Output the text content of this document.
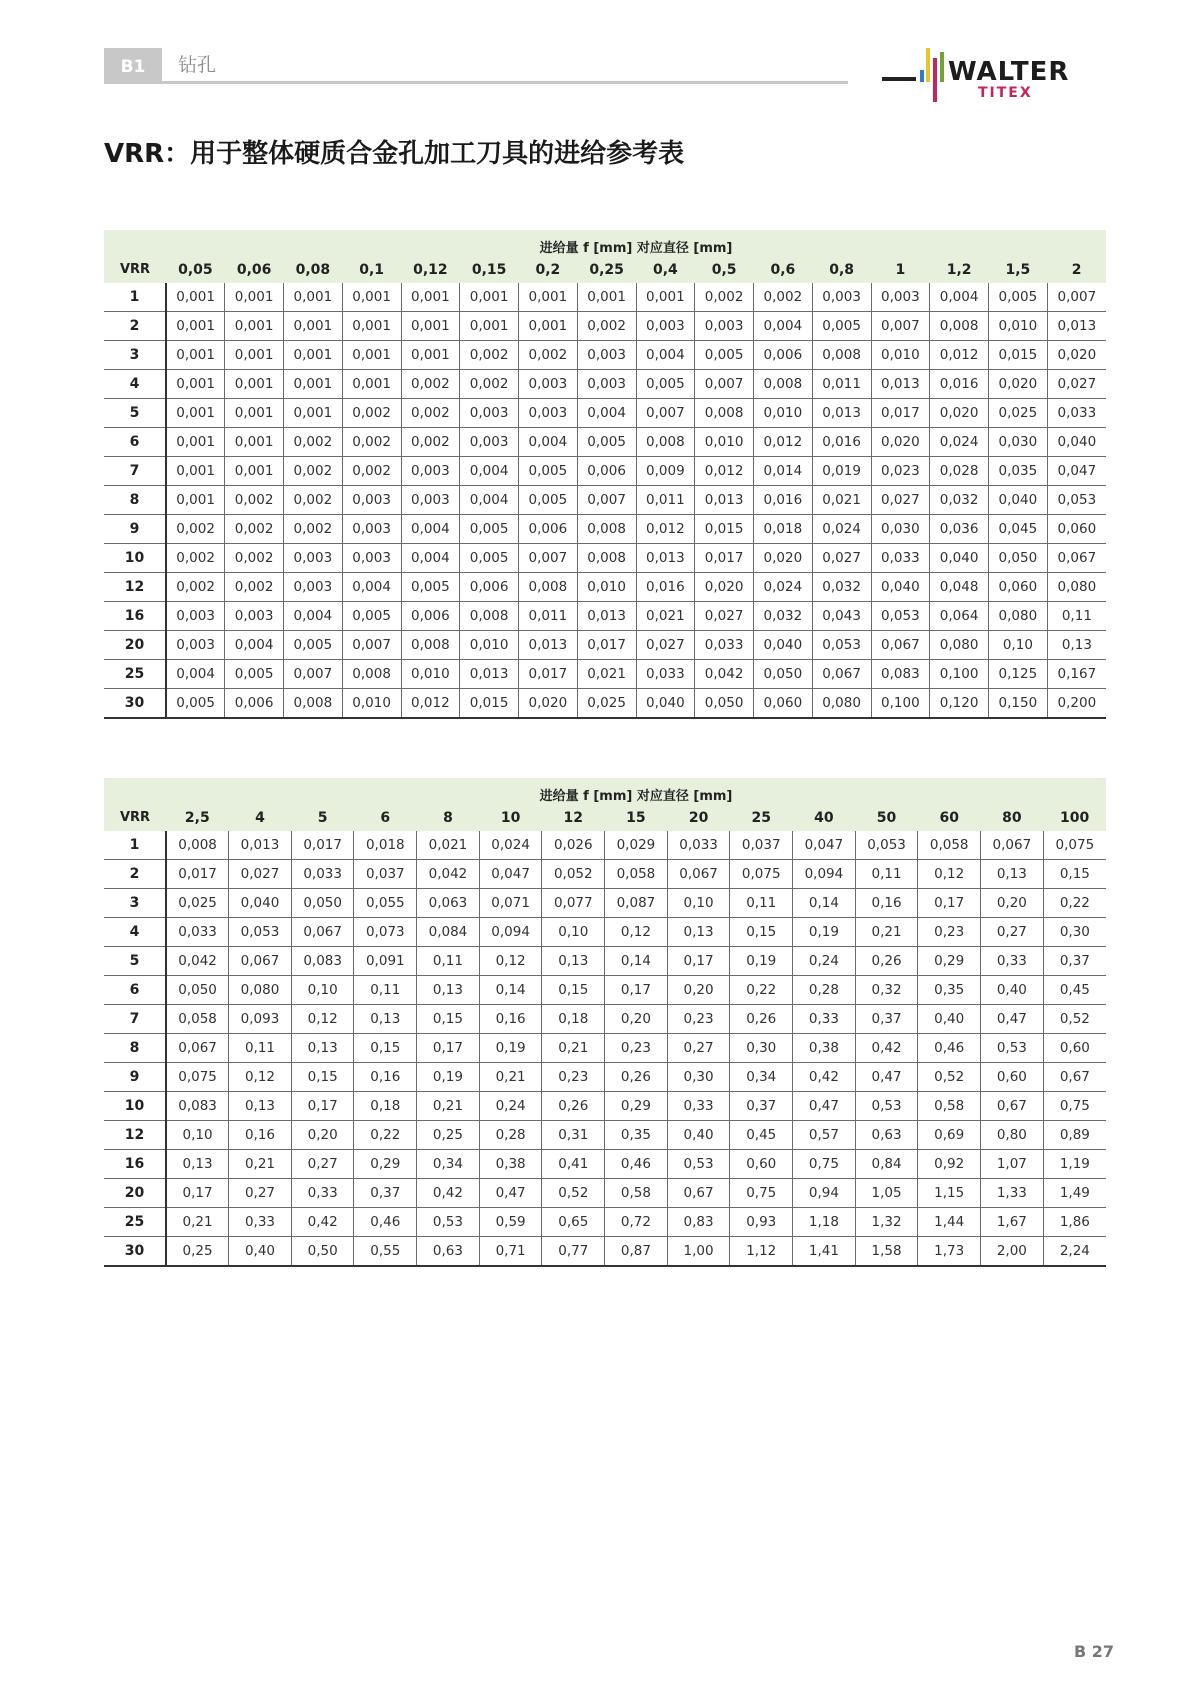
B1	钻孔	WALTER
TITEX
VRR：用于整体硬质合金孔加工刀具的进给参考表
	进给量 f [mm] 对应直径 [mm]															
VRR	0,05	0,06	0,08	0,1	0,12	0,15	0,2	0,25	0,4	0,5	0,6	0,8	1	1,2	1,5	2
1	0,001	0,001	0,001	0,001	0,001	0,001	0,001	0,001	0,001	0,002	0,002	0,003	0,003	0,004	0,005	0,007
2	0,001	0,001	0,001	0,001	0,001	0,001	0,001	0,002	0,003	0,003	0,004	0,005	0,007	0,008	0,010	0,013
3	0,001	0,001	0,001	0,001	0,001	0,002	0,002	0,003	0,004	0,005	0,006	0,008	0,010	0,012	0,015	0,020
4	0,001	0,001	0,001	0,001	0,002	0,002	0,003	0,003	0,005	0,007	0,008	0,011	0,013	0,016	0,020	0,027
5	0,001	0,001	0,001	0,002	0,002	0,003	0,003	0,004	0,007	0,008	0,010	0,013	0,017	0,020	0,025	0,033
6	0,001	0,001	0,002	0,002	0,002	0,003	0,004	0,005	0,008	0,010	0,012	0,016	0,020	0,024	0,030	0,040
7	0,001	0,001	0,002	0,002	0,003	0,004	0,005	0,006	0,009	0,012	0,014	0,019	0,023	0,028	0,035	0,047
8	0,001	0,002	0,002	0,003	0,003	0,004	0,005	0,007	0,011	0,013	0,016	0,021	0,027	0,032	0,040	0,053
9	0,002	0,002	0,002	0,003	0,004	0,005	0,006	0,008	0,012	0,015	0,018	0,024	0,030	0,036	0,045	0,060
10	0,002	0,002	0,003	0,003	0,004	0,005	0,007	0,008	0,013	0,017	0,020	0,027	0,033	0,040	0,050	0,067
12	0,002	0,002	0,003	0,004	0,005	0,006	0,008	0,010	0,016	0,020	0,024	0,032	0,040	0,048	0,060	0,080
16	0,003	0,003	0,004	0,005	0,006	0,008	0,011	0,013	0,021	0,027	0,032	0,043	0,053	0,064	0,080	0,11
20	0,003	0,004	0,005	0,007	0,008	0,010	0,013	0,017	0,027	0,033	0,040	0,053	0,067	0,080	0,10	0,13
25	0,004	0,005	0,007	0,008	0,010	0,013	0,017	0,021	0,033	0,042	0,050	0,067	0,083	0,100	0,125	0,167
30	0,005	0,006	0,008	0,010	0,012	0,015	0,020	0,025	0,040	0,050	0,060	0,080	0,100	0,120	0,150	0,200
	进给量 f [mm] 对应直径 [mm]														
VRR	2,5	4	5	6	8	10	12	15	20	25	40	50	60	80	100
1	0,008	0,013	0,017	0,018	0,021	0,024	0,026	0,029	0,033	0,037	0,047	0,053	0,058	0,067	0,075
2	0,017	0,027	0,033	0,037	0,042	0,047	0,052	0,058	0,067	0,075	0,094	0,11	0,12	0,13	0,15
3	0,025	0,040	0,050	0,055	0,063	0,071	0,077	0,087	0,10	0,11	0,14	0,16	0,17	0,20	0,22
4	0,033	0,053	0,067	0,073	0,084	0,094	0,10	0,12	0,13	0,15	0,19	0,21	0,23	0,27	0,30
5	0,042	0,067	0,083	0,091	0,11	0,12	0,13	0,14	0,17	0,19	0,24	0,26	0,29	0,33	0,37
6	0,050	0,080	0,10	0,11	0,13	0,14	0,15	0,17	0,20	0,22	0,28	0,32	0,35	0,40	0,45
7	0,058	0,093	0,12	0,13	0,15	0,16	0,18	0,20	0,23	0,26	0,33	0,37	0,40	0,47	0,52
8	0,067	0,11	0,13	0,15	0,17	0,19	0,21	0,23	0,27	0,30	0,38	0,42	0,46	0,53	0,60
9	0,075	0,12	0,15	0,16	0,19	0,21	0,23	0,26	0,30	0,34	0,42	0,47	0,52	0,60	0,67
10	0,083	0,13	0,17	0,18	0,21	0,24	0,26	0,29	0,33	0,37	0,47	0,53	0,58	0,67	0,75
12	0,10	0,16	0,20	0,22	0,25	0,28	0,31	0,35	0,40	0,45	0,57	0,63	0,69	0,80	0,89
16	0,13	0,21	0,27	0,29	0,34	0,38	0,41	0,46	0,53	0,60	0,75	0,84	0,92	1,07	1,19
20	0,17	0,27	0,33	0,37	0,42	0,47	0,52	0,58	0,67	0,75	0,94	1,05	1,15	1,33	1,49
25	0,21	0,33	0,42	0,46	0,53	0,59	0,65	0,72	0,83	0,93	1,18	1,32	1,44	1,67	1,86
30	0,25	0,40	0,50	0,55	0,63	0,71	0,77	0,87	1,00	1,12	1,41	1,58	1,73	2,00	2,24
B 27
